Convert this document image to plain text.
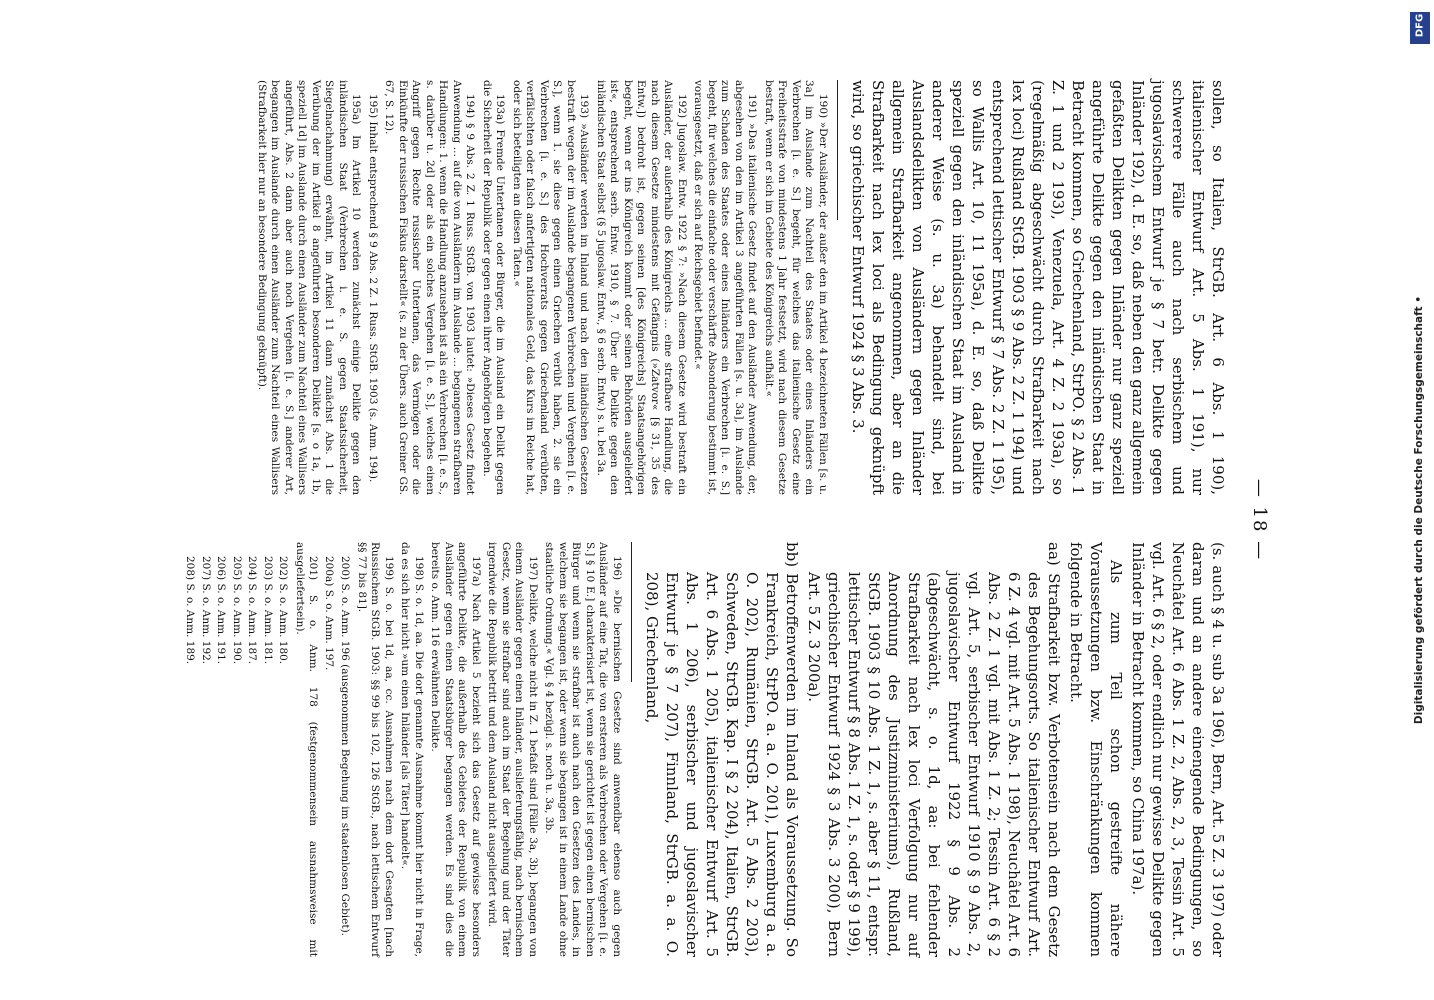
— 18 —

sollen, so Italien, StrGB. Art. 6 Abs. 1 190), italienischer Entwurf Art. 5 Abs. 1 191), nur schwerere Fälle auch nach serbischem und jugoslavischem Entwurf je § 7 betr. Delikte gegen Inländer 192), d. E. so, daß neben den ganz allgemein gefaßten Delikten gegen Inländer nur ganz speziell angeführte Delikte gegen den inländischen Staat in Betracht kommen, so Griechenland, StrPO. § 2 Abs. 1 Z. 1 und 2 193), Venezuela, Art. 4 Z. 2 193a), so (regelmäßig abgeschwächt durch Strafbarkeit nach lex loci) Rußland StGB. 1903 § 9 Abs. 2 Z. 1 194) und entsprechend lettischer Entwurf § 7 Abs. 2 Z. 1 195), so Wallis Art. 10, 11 195a), d. E. so, daß Delikte speziell gegen den inländischen Staat im Ausland in anderer Weise (s. u. 3a) behandelt sind, bei Auslandsdelikten von Ausländern gegen Inländer allgemein Strafbarkeit angenommen, aber an die Strafbarkeit nach lex loci als Bedingung geknüpft wird, so griechischer Entwurf 1924 § 3 Abs. 3.

190) »Der Ausländer, der außer den im Artikel 4 bezeichneten Fällen [s. u. 3a] im Auslande zum Nachteil des Staates oder eines Inländers ein Verbrechen [i. e. S.] begeht, für welches das italienische Gesetz eine Freiheitsstrafe von mindestens 1 Jahr festsetzt, wird nach diesem Gesetze bestraft, wenn er sich im Gebiete des Königreichs aufhält.«

191) »Das italienische Gesetz findet auf den Ausländer Anwendung, der, abgesehen von den im Artikel 3 angeführten Fällen [s. u. 3a], im Auslande zum Schaden des Staates oder eines Inländers ein Verbrechen [i. e. S.] begeht, für welches die einfache oder verschärfte Absonderung bestimmt ist, vorausgesetzt, daß er sich auf Reichsgebiet befindet.«

192) Jugoslaw. Entw. 1922 § 7: »Nach diesem Gesetze wird bestraft ein Ausländer, der außerhalb des Königreichs ... eine strafbare Handlung, die nach diesem Gesetze mindestens mit Gefängnis (»Zatvor« [§ 31, 35 des Entw.]) bedroht ist, gegen seinen [des Königreichs] Staatsangehörigen begeht, wenn er ins Königreich kommt oder seinen Behörden ausgeliefert ist«, entsprechend serb. Entw. 1910, § 7. Über die Delikte gegen den inländischen Staat selbst (§ 5 jugoslaw. Entw., § 6 serb. Entw.) s. u. bei 3a.

193) »Ausländer werden im Inland und nach den inländischen Gesetzen bestraft wegen der im Auslande begangenen Verbrechen und Vergehen [i. e. S.], wenn 1. sie diese gegen einen Griechen verübt haben, 2. sie ein Verbrechen [i. e. S.] des Hochverrats gegen Griechenland verübten, verfälschten oder falsch anfertigten nationales Geld, das Kurs im Reiche hat, oder sich beteiligten an diesen Taten.«

193a) Fremde Untertanen oder Bürger, die im Ausland ein Delikt gegen die Sicherheit der Republik oder gegen einen ihrer Angehörigen begehen.

194) § 9 Abs. 2 Z. 1 Russ. StGB. von 1903 lautet: »Dieses Gesetz findet Anwendung ... auf die von Ausländern im Auslande ... begangenen strafbaren Handlungen: 1. wenn die Handlung anzusehen ist als ein Verbrechen [i. e. S., s. darüber u. 2d] oder als ein solches Vergehen [i. e. S.], welches einen Angriff gegen Rechte russischer Untertanen, das Vermögen oder die Einkünfte der russischen Fiskus darstellt« (s. zu der Übers. auch Greiner GS. 67, S. 12).

195) Inhalt entsprechend § 9 Abs. 2 Z. 1 Russ. StGB. 1903 (s. Anm. 194).

195a) Im Artikel 10 werden zunächst einige Delikte gegen den inländischen Staat (Verbrechen i. e. S. gegen Staatssicherheit, Siegelnachahmung) erwähnt, im Artikel 11 dann zunächst Abs. 1 die Verübung der im Artikel 8 angeführten besonderen Delikte [s. o 1a, 1b, speziell 1d] im Auslande durch einen Ausländer zum Nachteil eines Wallisers angeführt, Abs. 2 dann aber auch noch Vergehen [i. e. S.] anderer Art, begangen im Auslande durch einen Ausländer zum Nachteil eines Wallisers (Strafbarkeit hier nur an besondere Bedingung geknüpft).

(s. auch § 4 u. sub 3a 196), Bern, Art. 5 Z. 3 197) oder daran und an andere einengende Bedingungen, so Neuchâtel Art. 6 Abs. 1 Z. 2, Abs. 2, 3, Tessin Art. 5 vgl. Art. 6 § 2, oder endlich nur gewisse Delikte gegen Inländer in Betracht kommen, so China 197a).

Als zum Teil schon gestreifte nähere Voraussetzungen bzw. Einschränkungen kommen folgende in Betracht.

aa) Strafbarkeit bzw. Verbotensein nach dem Gesetz des Begehungsorts. So italienischer Entwurf Art. 6 Z. 4 vgl. mit Art. 5 Abs. 1 198), Neuchâtel Art. 6 Abs. 2 Z. 1 vgl. mit Abs. 1 Z. 2; Tessin Art. 6 § 2 vgl. Art. 5, serbischer Entwurf 1910 § 9 Abs. 2, jugoslavischer Entwurf 1922 § 9 Abs. 2 (abgeschwächt, s. o. 1d, aa: bei fehlender Strafbarkeit nach lex loci Verfolgung nur auf Anordnung des Justizministeriums), Rußland, StGB. 1903 § 10 Abs. 1 Z. 1, s. aber § 11, entspr. lettischer Entwurf § 8 Abs. 1 Z. 1, s. oder § 9 199), griechischer Entwurf 1924 § 3 Abs. 3 200), Bern Art. 5 Z. 3 200a).

bb) Betroffenwerden im Inland als Voraussetzung. So Frankreich, StrPO. a. a. O. 201), Luxemburg a. a. O. 202), Rumänien, StrGB. Art. 5 Abs. 2 203), Schweden, StrGB. Kap. I § 2 204), Italien, StrGB. Art. 6 Abs. 1 205), italienischer Entwurf Art. 5 Abs. 1 206), serbischer und jugoslavischer Entwurf je § 7 207), Finnland, StrGB. a. a. O. 208), Griechenland,

196) »Die bernischen Gesetze sind anwendbar ebenso auch gegen Ausländer auf eine Tat, die von ersteren als Verbrechen oder Vergehen [i. e. S.] § 10 E.] charakterisiert ist, wenn sie gerichtet ist gegen einen bernischen Bürger und wenn sie strafbar ist auch nach den Gesetzen des Landes, in welchem sie begangen ist, oder wenn sie begangen ist in einem Lande ohne staatliche Ordnung.« Vgl. § 4 bezügl. s. noch u. 3a, 3b.

197) Delikte, welche nicht in Z. 1 befaßt sind [Fälle 3a, 3b], begangen von einem Ausländer gegen einen Inländer, auslieferungsfähig, nach bernischem Gesetz, wenn sie strafbar sind auch im Staat der Begehung und der Täter irgendwie die Republik betritt und dem Ausland nicht ausgeliefert wird.

197a) Nach Artikel 5 bezieht sich das Gesetz auf gewisse besonders angeführte Delikte, die außerhalb des Gebietes der Republik von einem Ausländer gegen einen Staatsbürger begangen werden. Es sind dies die bereits o. Anm. 116 erwähnten Delikte.

198) S. o. 1d, aa. Die dort genannte Ausnahme kommt hier nicht in Frage, da es sich hier nicht »um einen Inländer [als Täter] handelt«.

199) S. o. bei 1d, aa, cc. Ausnahmen nach dem dort Gesagten [nach Russischem StGB. 1903: §§ 99 bis 102, 126 StGB., nach lettischem Entwurf §§ 77 bis 81].

200) S. o. Anm. 196 (ausgenommen Begehung im staatenlosen Gebiet).

200a) S. o. Anm. 197.

201) S. o. Anm. 178 (festgenommensein ausnahmsweise mit ausgeliefertsein).

202) S. o. Anm. 180.

203) S. o. Anm. 181.

204) S. o. Anm. 187.

205) S. o. Anm. 190.

206) S. o. Anm. 191.

207) S. o. Anm. 192.

208) S. o. Anm. 189.

DFG
Digitalisierung gefördert durch die Deutsche Forschungsgemeinschaft •
